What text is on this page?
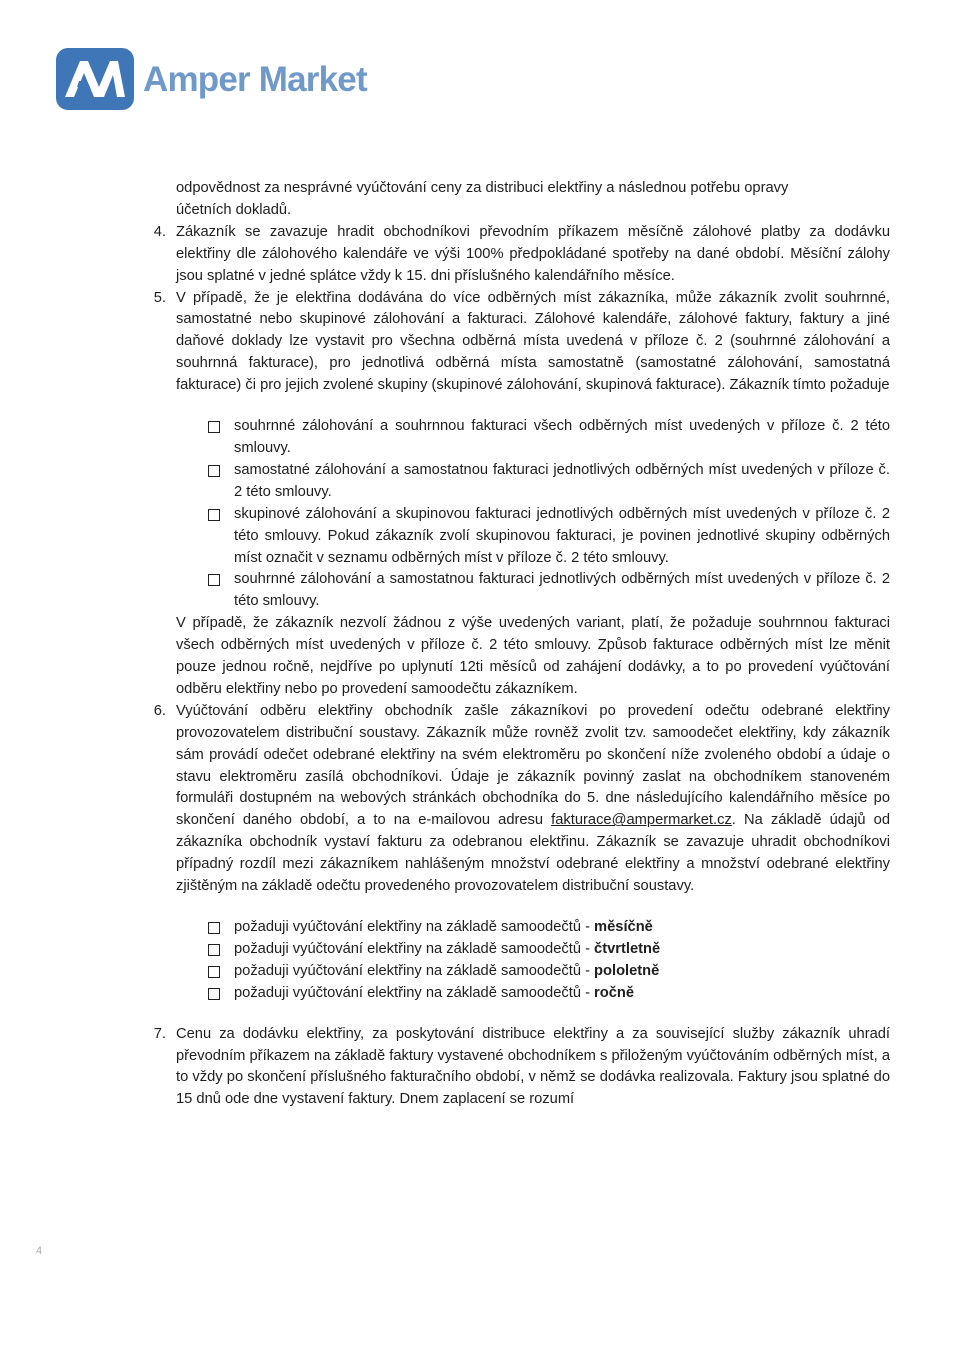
Amper Market

odpovědnost za nesprávné vyúčtování ceny za distribuci elektřiny a následnou potřebu opravy

účetních dokladů.

4. Zákazník se zavazuje hradit obchodníkovi převodním příkazem měsíčně zálohové platby za dodávku elektřiny dle zálohového kalendáře ve výši 100% předpokládané spotřeby na dané období. Měsíční zálohy jsou splatné v jedné splátce vždy k 15. dni příslušného kalendářního měsíce.

5. V případě, že je elektřina dodávána do více odběrných míst zákazníka, může zákazník zvolit souhrnné, samostatné nebo skupinové zálohování a fakturaci. Zálohové kalendáře, zálohové faktury, faktury a jiné daňové doklady lze vystavit pro všechna odběrná místa uvedená v příloze č. 2 (souhrnné zálohování a souhrnná fakturace), pro jednotlivá odběrná místa samostatně (samostatné zálohování, samostatná fakturace) či pro jejich zvolené skupiny (skupinové zálohování, skupinová fakturace). Zákazník tímto požaduje

souhrnné zálohování a souhrnnou fakturaci všech odběrných míst uvedených v příloze č. 2 této smlouvy.
samostatné zálohování a samostatnou fakturaci jednotlivých odběrných míst uvedených v příloze č. 2 této smlouvy.
skupinové zálohování a skupinovou fakturaci jednotlivých odběrných míst uvedených v příloze č. 2 této smlouvy. Pokud zákazník zvolí skupinovou fakturaci, je povinen jednotlivé skupiny odběrných míst označit v seznamu odběrných míst v příloze č. 2 této smlouvy.
souhrnné zálohování a samostatnou fakturaci jednotlivých odběrných míst uvedených v příloze č. 2 této smlouvy.

V případě, že zákazník nezvolí žádnou z výše uvedených variant, platí, že požaduje souhrnnou fakturaci všech odběrných míst uvedených v příloze č. 2 této smlouvy. Způsob fakturace odběrných míst lze měnit pouze jednou ročně, nejdříve po uplynutí 12ti měsíců od zahájení dodávky, a to po provedení vyúčtování odběru elektřiny nebo po provedení samoodečtu zákazníkem.

6. Vyúčtování odběru elektřiny obchodník zašle zákazníkovi po provedení odečtu odebrané elektřiny provozovatelem distribuční soustavy. Zákazník může rovněž zvolit tzv. samoodečet elektřiny, kdy zákazník sám provádí odečet odebrané elektřiny na svém elektroměru po skončení níže zvoleného období a údaje o stavu elektroměru zasílá obchodníkovi. Údaje je zákazník povinný zaslat na obchodníkem stanoveném formuláři dostupném na webových stránkách obchodníka do 5. dne následujícího kalendářního měsíce po skončení daného období, a to na e-mailovou adresu fakturace@ampermarket.cz. Na základě údajů od zákazníka obchodník vystaví fakturu za odebranou elektřinu. Zákazník se zavazuje uhradit obchodníkovi případný rozdíl mezi zákazníkem nahlášeným množství odebrané elektřiny a množství odebrané elektřiny zjištěným na základě odečtu provedeného provozovatelem distribuční soustavy.

požaduji vyúčtování elektřiny na základě samoodečtů - měsíčně
požaduji vyúčtování elektřiny na základě samoodečtů - čtvrtletně
požaduji vyúčtování elektřiny na základě samoodečtů - pololetně
požaduji vyúčtování elektřiny na základě samoodečtů - ročně
7. Cenu za dodávku elektřiny, za poskytování distribuce elektřiny a za související služby zákazník uhradí převodním příkazem na základě faktury vystavené obchodníkem s přiloženým vyúčtováním odběrných míst, a to vždy po skončení příslušného fakturačního období, v němž se dodávka realizovala. Faktury jsou splatné do 15 dnů ode dne vystavení faktury. Dnem zaplacení se rozumí

4
